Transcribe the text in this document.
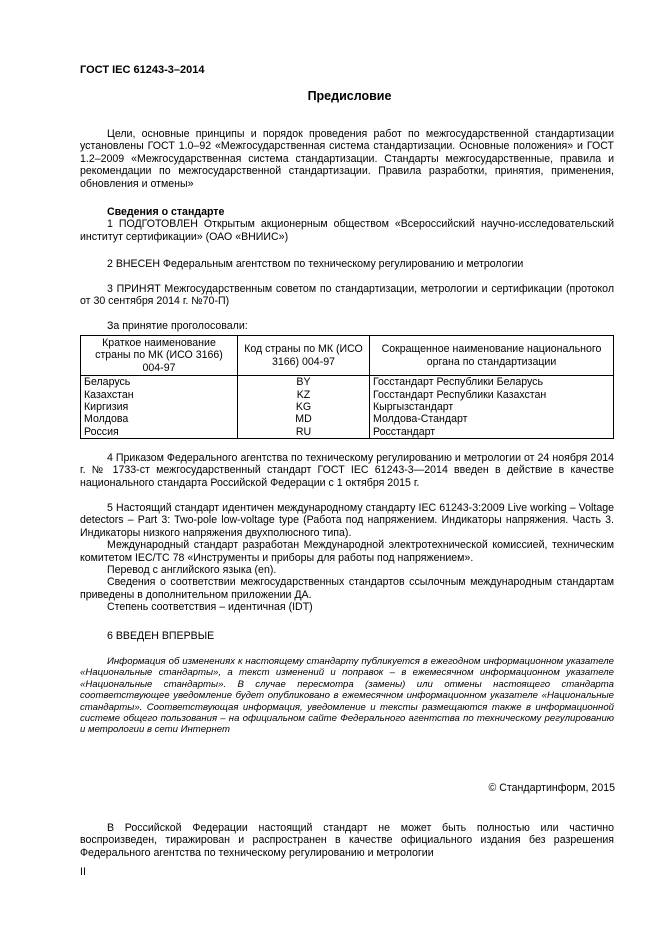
ГОСТ IEC 61243-3–2014
Предисловие

Цели, основные принципы и порядок проведения работ по межгосударственной стандартизации установлены ГОСТ 1.0–92 «Межгосударственная система стандартизации. Основные положения» и ГОСТ 1.2–2009 «Межгосударственная система стандартизации. Стандарты межгосударственные, правила и рекомендации по межгосударственной стандартизации. Правила разработки, принятия, применения, обновления и отмены»

Сведения о стандарте

1 ПОДГОТОВЛЕН Открытым акционерным обществом «Всероссийский научно-исследовательский институт сертификации» (ОАО «ВНИИС»)

2 ВНЕСЕН Федеральным агентством по техническому регулированию и метрологии

3 ПРИНЯТ Межгосударственным советом по стандартизации, метрологии и сертификации (протокол от 30 сентября 2014 г. №70-П)

За принятие проголосовали:

Краткое наименование страны по МК (ИСО 3166) 004-97	Код страны по МК (ИСО 3166) 004-97	Сокращенное наименование национального органа по стандартизации
Беларусь	BY	Госстандарт Республики Беларусь
Казахстан	KZ	Госстандарт Республики Казахстан
Киргизия	KG	Кыргызстандарт
Молдова	MD	Молдова-Стандарт
Россия	RU	Росстандарт

4 Приказом Федерального агентства по техническому регулированию и метрологии от 24 ноября 2014 г. № 1733-ст межгосударственный стандарт ГОСТ IEC 61243-3—2014 введен в действие в качестве национального стандарта Российской Федерации с 1 октября 2015 г.

5 Настоящий стандарт идентичен международному стандарту IEC 61243-3:2009 Live working – Voltage detectors – Part 3: Two-pole low-voltage type (Работа под напряжением. Индикаторы напряжения. Часть 3. Индикаторы низкого напряжения двухполюсного типа).

Международный стандарт разработан Международной электротехнической комиссией, техническим комитетом IEC/TC 78 «Инструменты и приборы для работы под напряжением».

Перевод с английского языка (en).

Сведения о соответствии межгосударственных стандартов ссылочным международным стандартам приведены в дополнительном приложении ДА.

Степень соответствия – идентичная (IDT)

6 ВВЕДЕН ВПЕРВЫЕ

Информация об изменениях к настоящему стандарту публикуется в ежегодном информационном указателе «Национальные стандарты», а текст изменений и поправок – в ежемесячном информационном указателе «Национальные стандарты». В случае пересмотра (замены) или отмены настоящего стандарта соответствующее уведомление будет опубликовано в ежемесячном информационном указателе «Национальные стандарты». Соответствующая информация, уведомление и тексты размещаются также в информационной системе общего пользования – на официальном сайте Федерального агентства по техническому регулированию и метрологии в сети Интернет

© Стандартинформ, 2015

В Российской Федерации настоящий стандарт не может быть полностью или частично воспроизведен, тиражирован и распространен в качестве официального издания без разрешения Федерального агентства по техническому регулированию и метрологии

II
